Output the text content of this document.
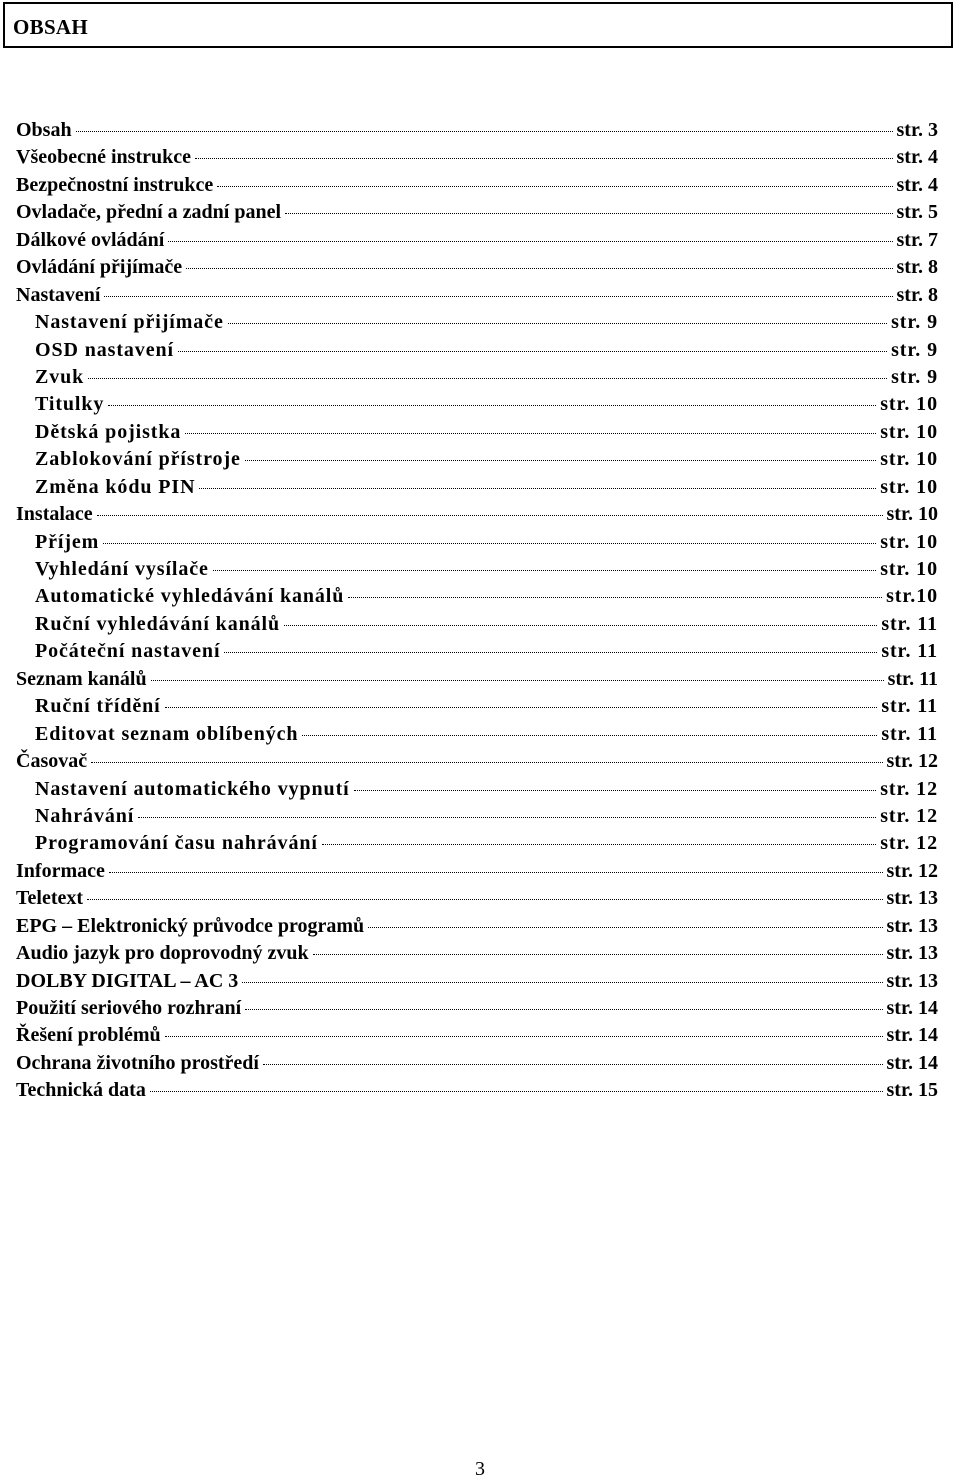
OBSAH
Obsah	str. 3
Všeobecné instrukce	str. 4
Bezpečnostní instrukce	str. 4
Ovladače, přední a zadní panel	str. 5
Dálkové ovládání	str. 7
Ovládání přijímače	str. 8
Nastavení	str. 8
Nastavení přijímače	str. 9
OSD nastavení	str. 9
Zvuk	str. 9
Titulky	str. 10
Dětská pojistka	str. 10
Zablokování přístroje	str. 10
Změna kódu PIN	str. 10
Instalace	str. 10
Příjem	str. 10
Vyhledání vysílače	str. 10
Automatické vyhledávání kanálů	str.10
Ruční vyhledávání kanálů	str. 11
Počáteční nastavení	str. 11
Seznam kanálů	str. 11
Ruční třídění	str. 11
Editovat seznam oblíbených	str. 11
Časovač	str. 12
Nastavení automatického vypnutí	str. 12
Nahrávání	str. 12
Programování času nahrávání	str. 12
Informace	str. 12
Teletext	str. 13
EPG – Elektronický průvodce programů	str. 13
Audio jazyk pro doprovodný zvuk	str. 13
DOLBY DIGITAL – AC 3	str. 13
Použití seriového rozhraní	str. 14
Řešení problémů	str. 14
Ochrana životního prostředí	str. 14
Technická data	str. 15
3
